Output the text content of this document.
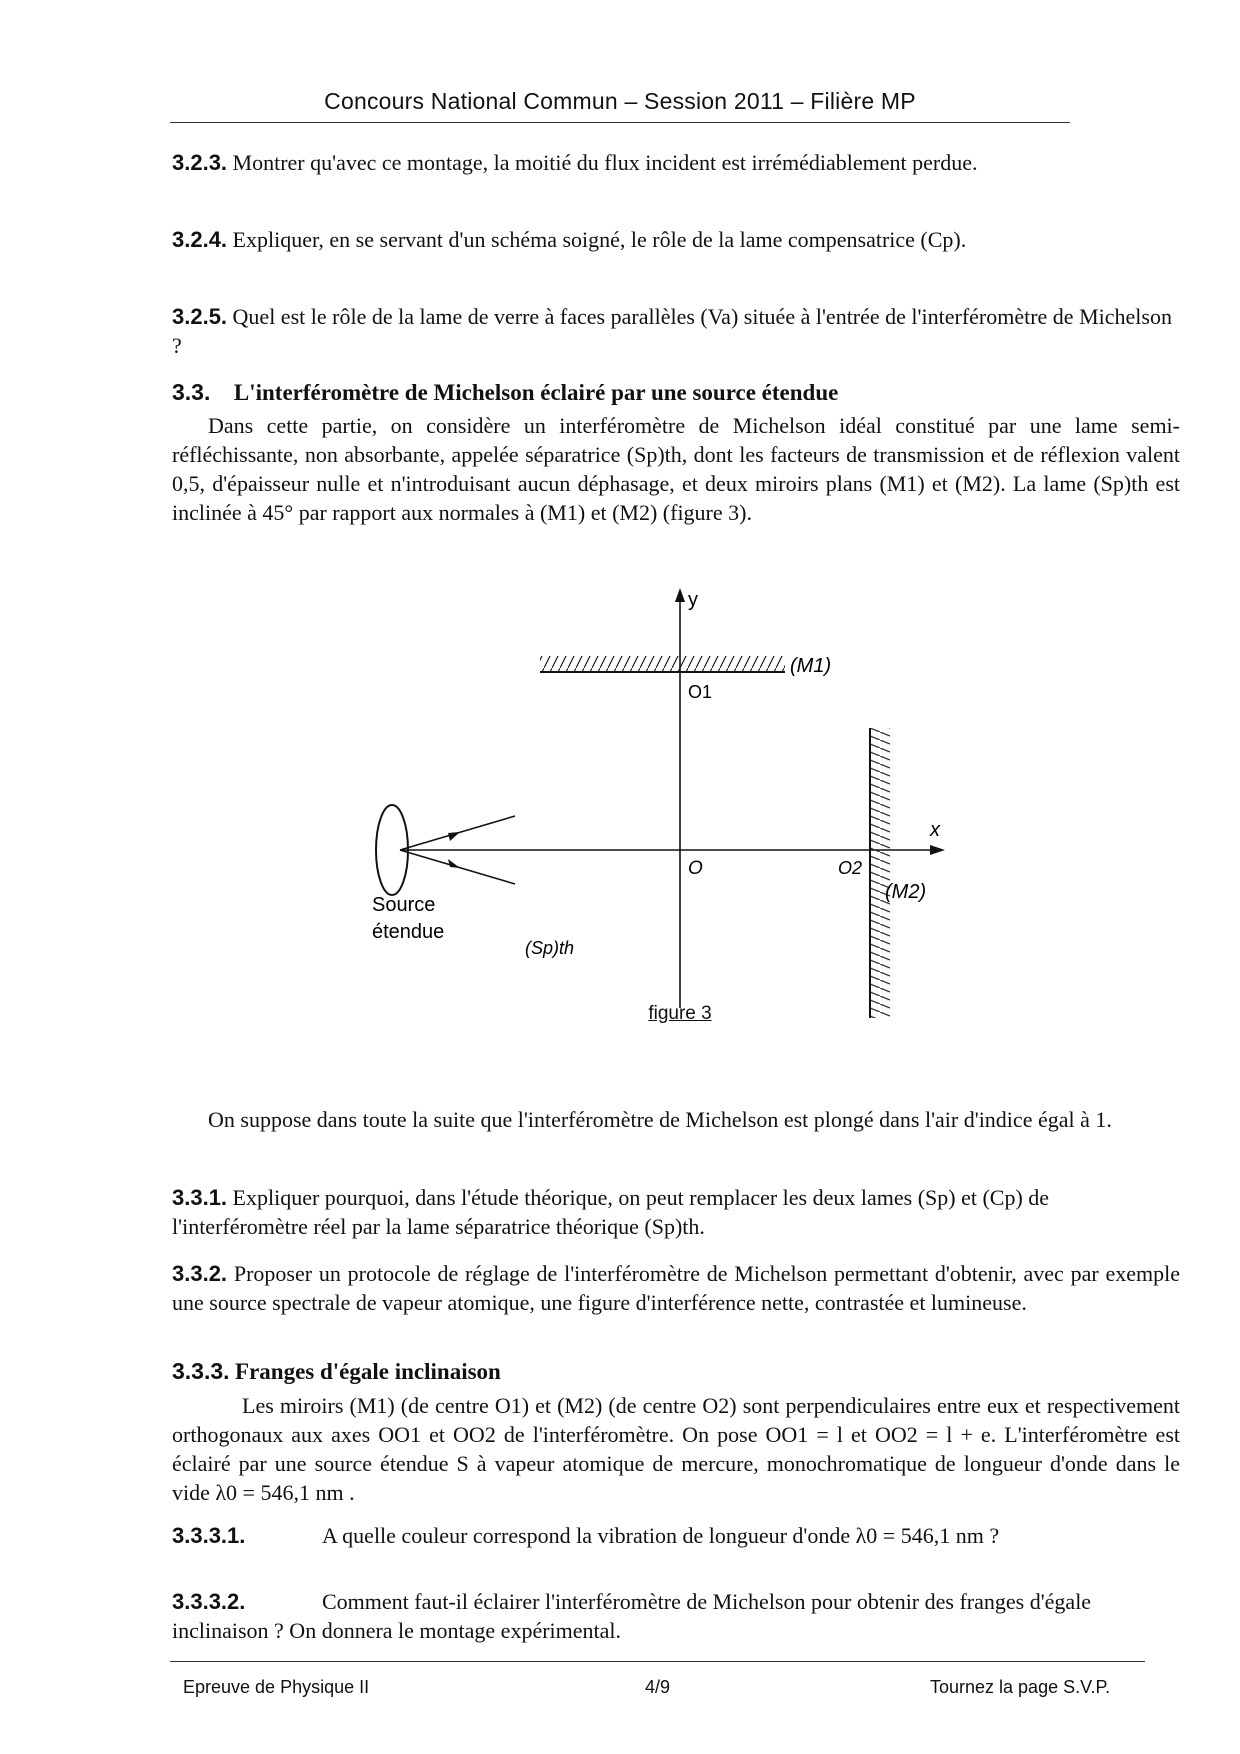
Concours National Commun – Session 2011 – Filière MP
3.2.3. Montrer qu'avec ce montage, la moitié du flux incident est irrémédiablement perdue.
3.2.4. Expliquer, en se servant d'un schéma soigné, le rôle de la lame compensatrice (Cp).
3.2.5. Quel est le rôle de la lame de verre à faces parallèles (Va) située à l'entrée de l'interféromètre de Michelson ?
3.3. L'interféromètre de Michelson éclairé par une source étendue
Dans cette partie, on considère un interféromètre de Michelson idéal constitué par une lame semi-réfléchissante, non absorbante, appelée séparatrice (Sp)th, dont les facteurs de transmission et de réflexion valent 0,5, d'épaisseur nulle et n'introduisant aucun déphasage, et deux miroirs plans (M1) et (M2). La lame (Sp)th est inclinée à 45° par rapport aux normales à (M1) et (M2) (figure 3).
y
x
(M1)
O1
(M2)
O2
O
Source
étendue
(Sp)th
figure 3
On suppose dans toute la suite que l'interféromètre de Michelson est plongé dans l'air d'indice égal à 1.
3.3.1. Expliquer pourquoi, dans l'étude théorique, on peut remplacer les deux lames (Sp) et (Cp) de l'interféromètre réel par la lame séparatrice théorique (Sp)th.
3.3.2. Proposer un protocole de réglage de l'interféromètre de Michelson permettant d'obtenir, avec par exemple une source spectrale de vapeur atomique, une figure d'interférence nette, contrastée et lumineuse.
3.3.3. Franges d'égale inclinaison
Les miroirs (M1) (de centre O1) et (M2) (de centre O2) sont perpendiculaires entre eux et respectivement orthogonaux aux axes OO1 et OO2 de l'interféromètre. On pose OO1 = l et OO2 = l + e. L'interféromètre est éclairé par une source étendue S à vapeur atomique de mercure, monochromatique de longueur d'onde dans le vide λ0 = 546,1 nm .
3.3.3.1.	A quelle couleur correspond la vibration de longueur d'onde λ0 = 546,1 nm ?
3.3.3.2.	Comment faut-il éclairer l'interféromètre de Michelson pour obtenir des franges d'égale inclinaison ? On donnera le montage expérimental.
Epreuve de Physique II	4/9	Tournez la page S.V.P.
